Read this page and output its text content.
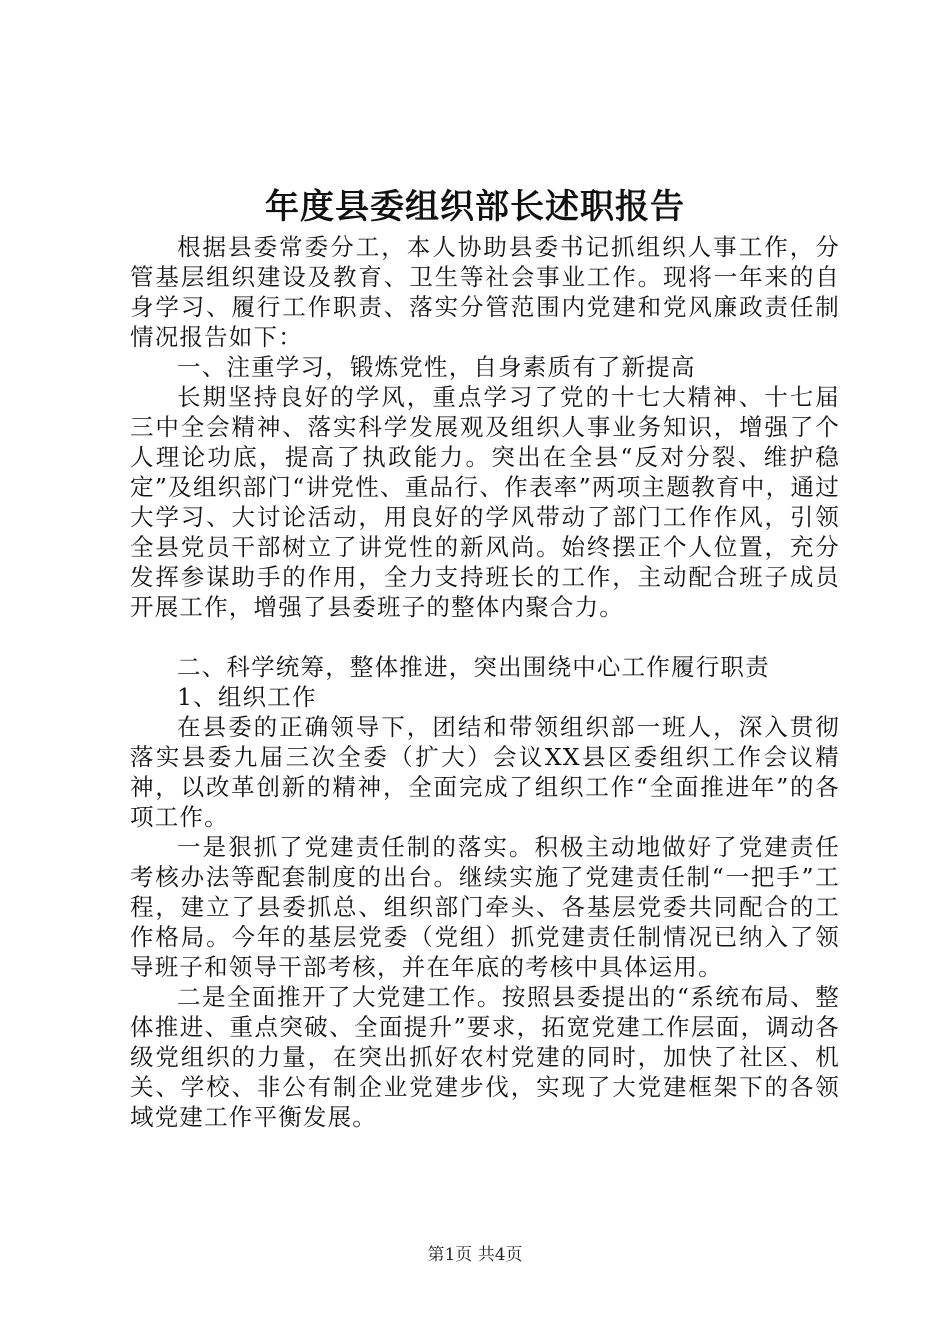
年度县委组织部长述职报告

根据县委常委分工，本人协助县委书记抓组织人事工作，分管基层组织建设及教育、卫生等社会事业工作。现将一年来的自身学习、履行工作职责、落实分管范围内党建和党风廉政责任制情况报告如下：

一、注重学习，锻炼党性，自身素质有了新提高

长期坚持良好的学风，重点学习了党的十七大精神、十七届三中全会精神、落实科学发展观及组织人事业务知识，增强了个人理论功底，提高了执政能力。突出在全县“反对分裂、维护稳定”及组织部门“讲党性、重品行、作表率”两项主题教育中，通过大学习、大讨论活动，用良好的学风带动了部门工作作风，引领全县党员干部树立了讲党性的新风尚。始终摆正个人位置，充分发挥参谋助手的作用，全力支持班长的工作，主动配合班子成员开展工作，增强了县委班子的整体内聚合力。

二、科学统筹，整体推进，突出围绕中心工作履行职责

1、组织工作

在县委的正确领导下，团结和带领组织部一班人，深入贯彻落实县委九届三次全委（扩大）会议XX县区委组织工作会议精神，以改革创新的精神，全面完成了组织工作“全面推进年”的各项工作。

一是狠抓了党建责任制的落实。积极主动地做好了党建责任考核办法等配套制度的出台。继续实施了党建责任制“一把手”工程，建立了县委抓总、组织部门牵头、各基层党委共同配合的工作格局。今年的基层党委（党组）抓党建责任制情况已纳入了领导班子和领导干部考核，并在年底的考核中具体运用。

二是全面推开了大党建工作。按照县委提出的“系统布局、整体推进、重点突破、全面提升”要求，拓宽党建工作层面，调动各级党组织的力量，在突出抓好农村党建的同时，加快了社区、机关、学校、非公有制企业党建步伐，实现了大党建框架下的各领域党建工作平衡发展。

第1页 共4页
